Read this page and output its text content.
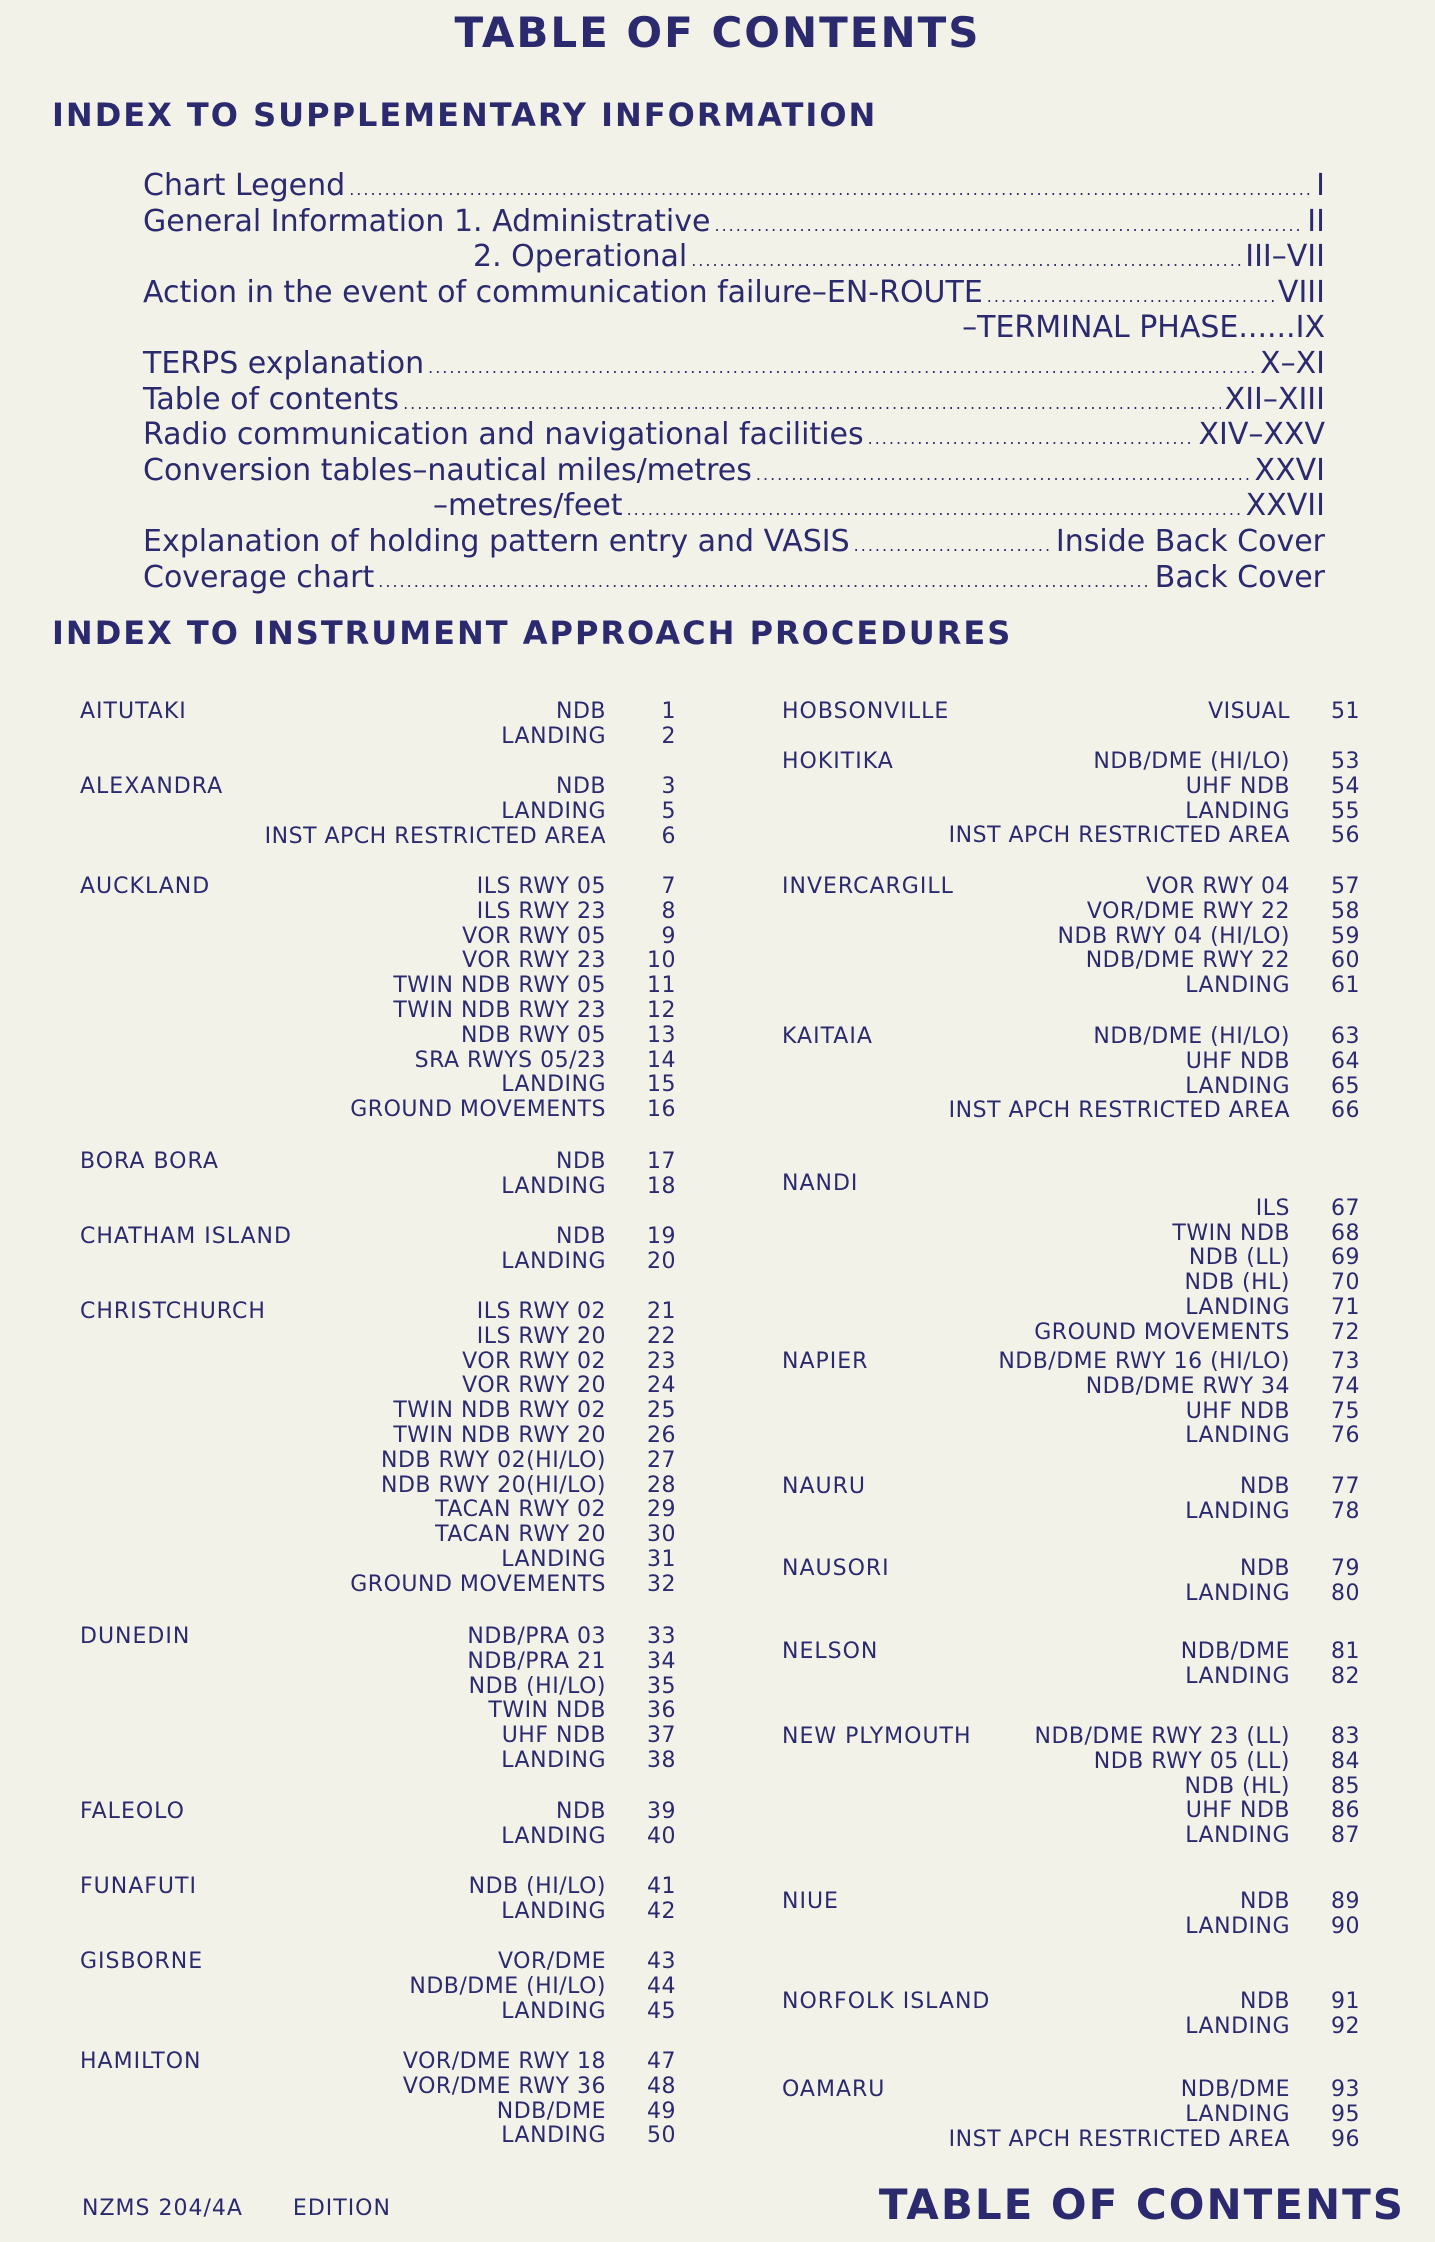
TABLE OF CONTENTS
INDEX TO SUPPLEMENTARY INFORMATION
Chart Legend .....	I
General Information 1. Administrative .....	II
2. Operational .....	III–VII
Action in the event of communication failure–EN-ROUTE .....	VIII
–TERMINAL PHASE......IX
TERPS explanation .....	X–XI
Table of contents .....	XII–XIII
Radio communication and navigational facilities .....	XIV–XXV
Conversion tables–nautical miles/metres .....	XXVI
–metres/feet .....	XXVII
Explanation of holding pattern entry and VASIS .....	Inside Back Cover
Coverage chart .....	Back Cover
INDEX TO INSTRUMENT APPROACH PROCEDURES
AITUTAKI	NDB	1
LANDING	2
ALEXANDRA	NDB	3
LANDING	5
INST APCH RESTRICTED AREA	6
AUCKLAND	ILS RWY 05	7
ILS RWY 23	8
VOR RWY 05	9
VOR RWY 23	10
TWIN NDB RWY 05	11
TWIN NDB RWY 23	12
NDB RWY 05	13
SRA RWYS 05/23	14
LANDING	15
GROUND MOVEMENTS	16
BORA BORA	NDB	17
LANDING	18
CHATHAM ISLAND	NDB	19
LANDING	20
CHRISTCHURCH	ILS RWY 02	21
ILS RWY 20	22
VOR RWY 02	23
VOR RWY 20	24
TWIN NDB RWY 02	25
TWIN NDB RWY 20	26
NDB RWY 02(HI/LO)	27
NDB RWY 20(HI/LO)	28
TACAN RWY 02	29
TACAN RWY 20	30
LANDING	31
GROUND MOVEMENTS	32
DUNEDIN	NDB/PRA 03	33
NDB/PRA 21	34
NDB (HI/LO)	35
TWIN NDB	36
UHF NDB	37
LANDING	38
FALEOLO	NDB	39
LANDING	40
FUNAFUTI	NDB (HI/LO)	41
LANDING	42
GISBORNE	VOR/DME	43
NDB/DME (HI/LO)	44
LANDING	45
HAMILTON	VOR/DME RWY 18	47
VOR/DME RWY 36	48
NDB/DME	49
LANDING	50
HOBSONVILLE	VISUAL	51
HOKITIKA	NDB/DME (HI/LO)	53
UHF NDB	54
LANDING	55
INST APCH RESTRICTED AREA	56
INVERCARGILL	VOR RWY 04	57
VOR/DME RWY 22	58
NDB RWY 04 (HI/LO)	59
NDB/DME RWY 22	60
LANDING	61
KAITAIA	NDB/DME (HI/LO)	63
UHF NDB	64
LANDING	65
INST APCH RESTRICTED AREA	66
NANDI
ILS	67
TWIN NDB	68
NDB (LL)	69
NDB (HL)	70
LANDING	71
GROUND MOVEMENTS	72
NAPIER	NDB/DME RWY 16 (HI/LO)	73
NDB/DME RWY 34	74
UHF NDB	75
LANDING	76
NAURU	NDB	77
LANDING	78
NAUSORI	NDB	79
LANDING	80
NELSON	NDB/DME	81
LANDING	82
NEW PLYMOUTH	NDB/DME RWY 23 (LL)	83
NDB RWY 05 (LL)	84
NDB (HL)	85
UHF NDB	86
LANDING	87
NIUE	NDB	89
LANDING	90
NORFOLK ISLAND	NDB	91
LANDING	92
OAMARU	NDB/DME	93
LANDING	95
INST APCH RESTRICTED AREA	96
NZMS 204/4A EDITION	TABLE OF CONTENTS
